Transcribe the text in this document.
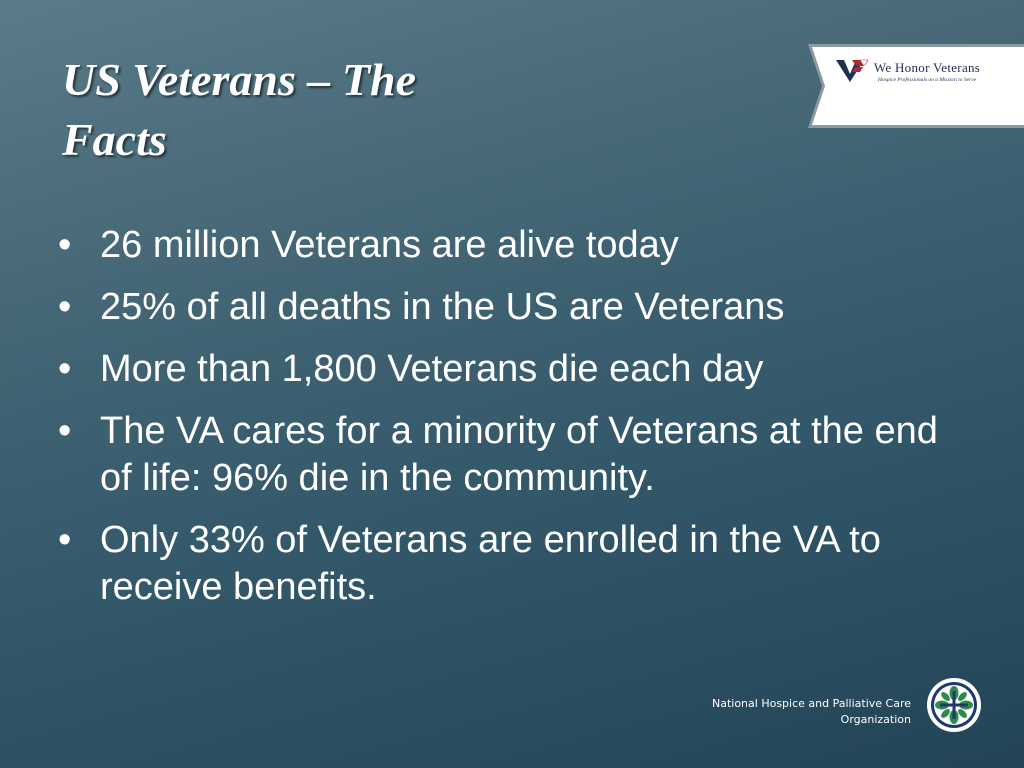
US Veterans – The
Facts
We Honor Veterans
Hospice Professionals on a Mission to Serve
• 26 million Veterans are alive today
• 25% of all deaths in the US are Veterans
• More than 1,800 Veterans die each day
• The VA cares for a minority of Veterans at the end of life: 96% die in the community.
• Only 33% of Veterans are enrolled in the VA to receive benefits.
National Hospice and Palliative Care
Organization
